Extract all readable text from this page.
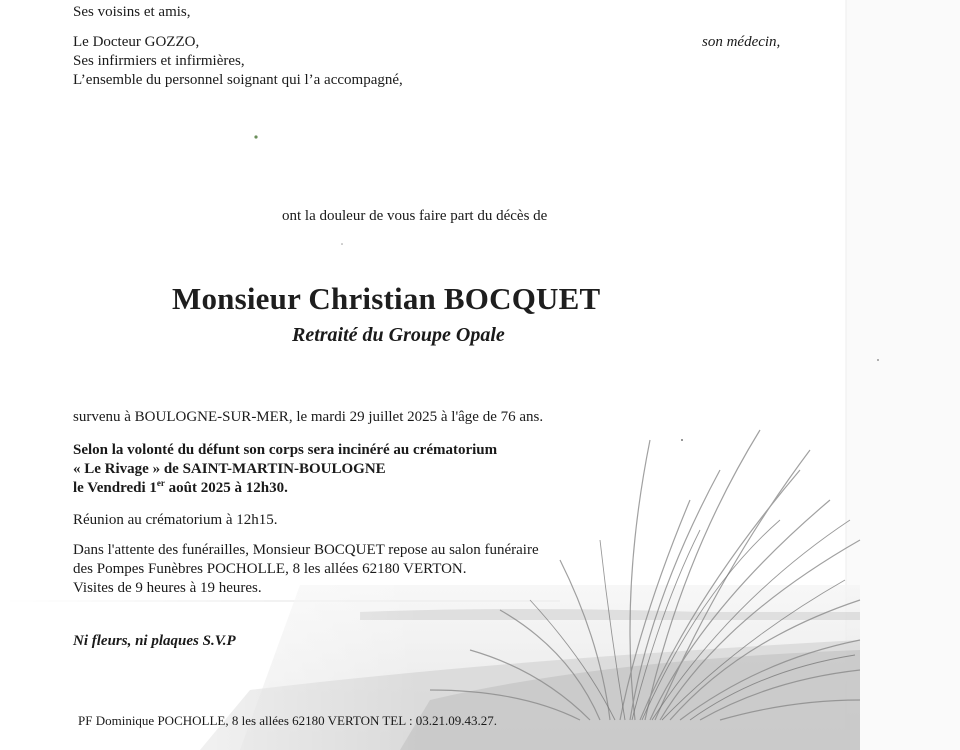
Ses voisins et amis,
Le Docteur GOZZO,	son médecin,
Ses infirmiers et infirmières,
L’ensemble du personnel soignant qui l’a accompagné,
ont la douleur de vous faire part du décès de
Monsieur Christian BOCQUET
Retraité du Groupe Opale
survenu à BOULOGNE-SUR-MER, le mardi 29 juillet 2025 à l'âge de 76 ans.
Selon la volonté du défunt son corps sera incinéré au crématorium
« Le Rivage » de SAINT-MARTIN-BOULOGNE
le Vendredi 1er août 2025 à 12h30.
Réunion au crématorium à 12h15.
Dans l'attente des funérailles, Monsieur BOCQUET repose au salon funéraire
des Pompes Funèbres POCHOLLE, 8 les allées 62180 VERTON.
Visites de 9 heures à 19 heures.
Ni fleurs, ni plaques S.V.P
PF Dominique POCHOLLE, 8 les allées 62180 VERTON TEL : 03.21.09.43.27.
